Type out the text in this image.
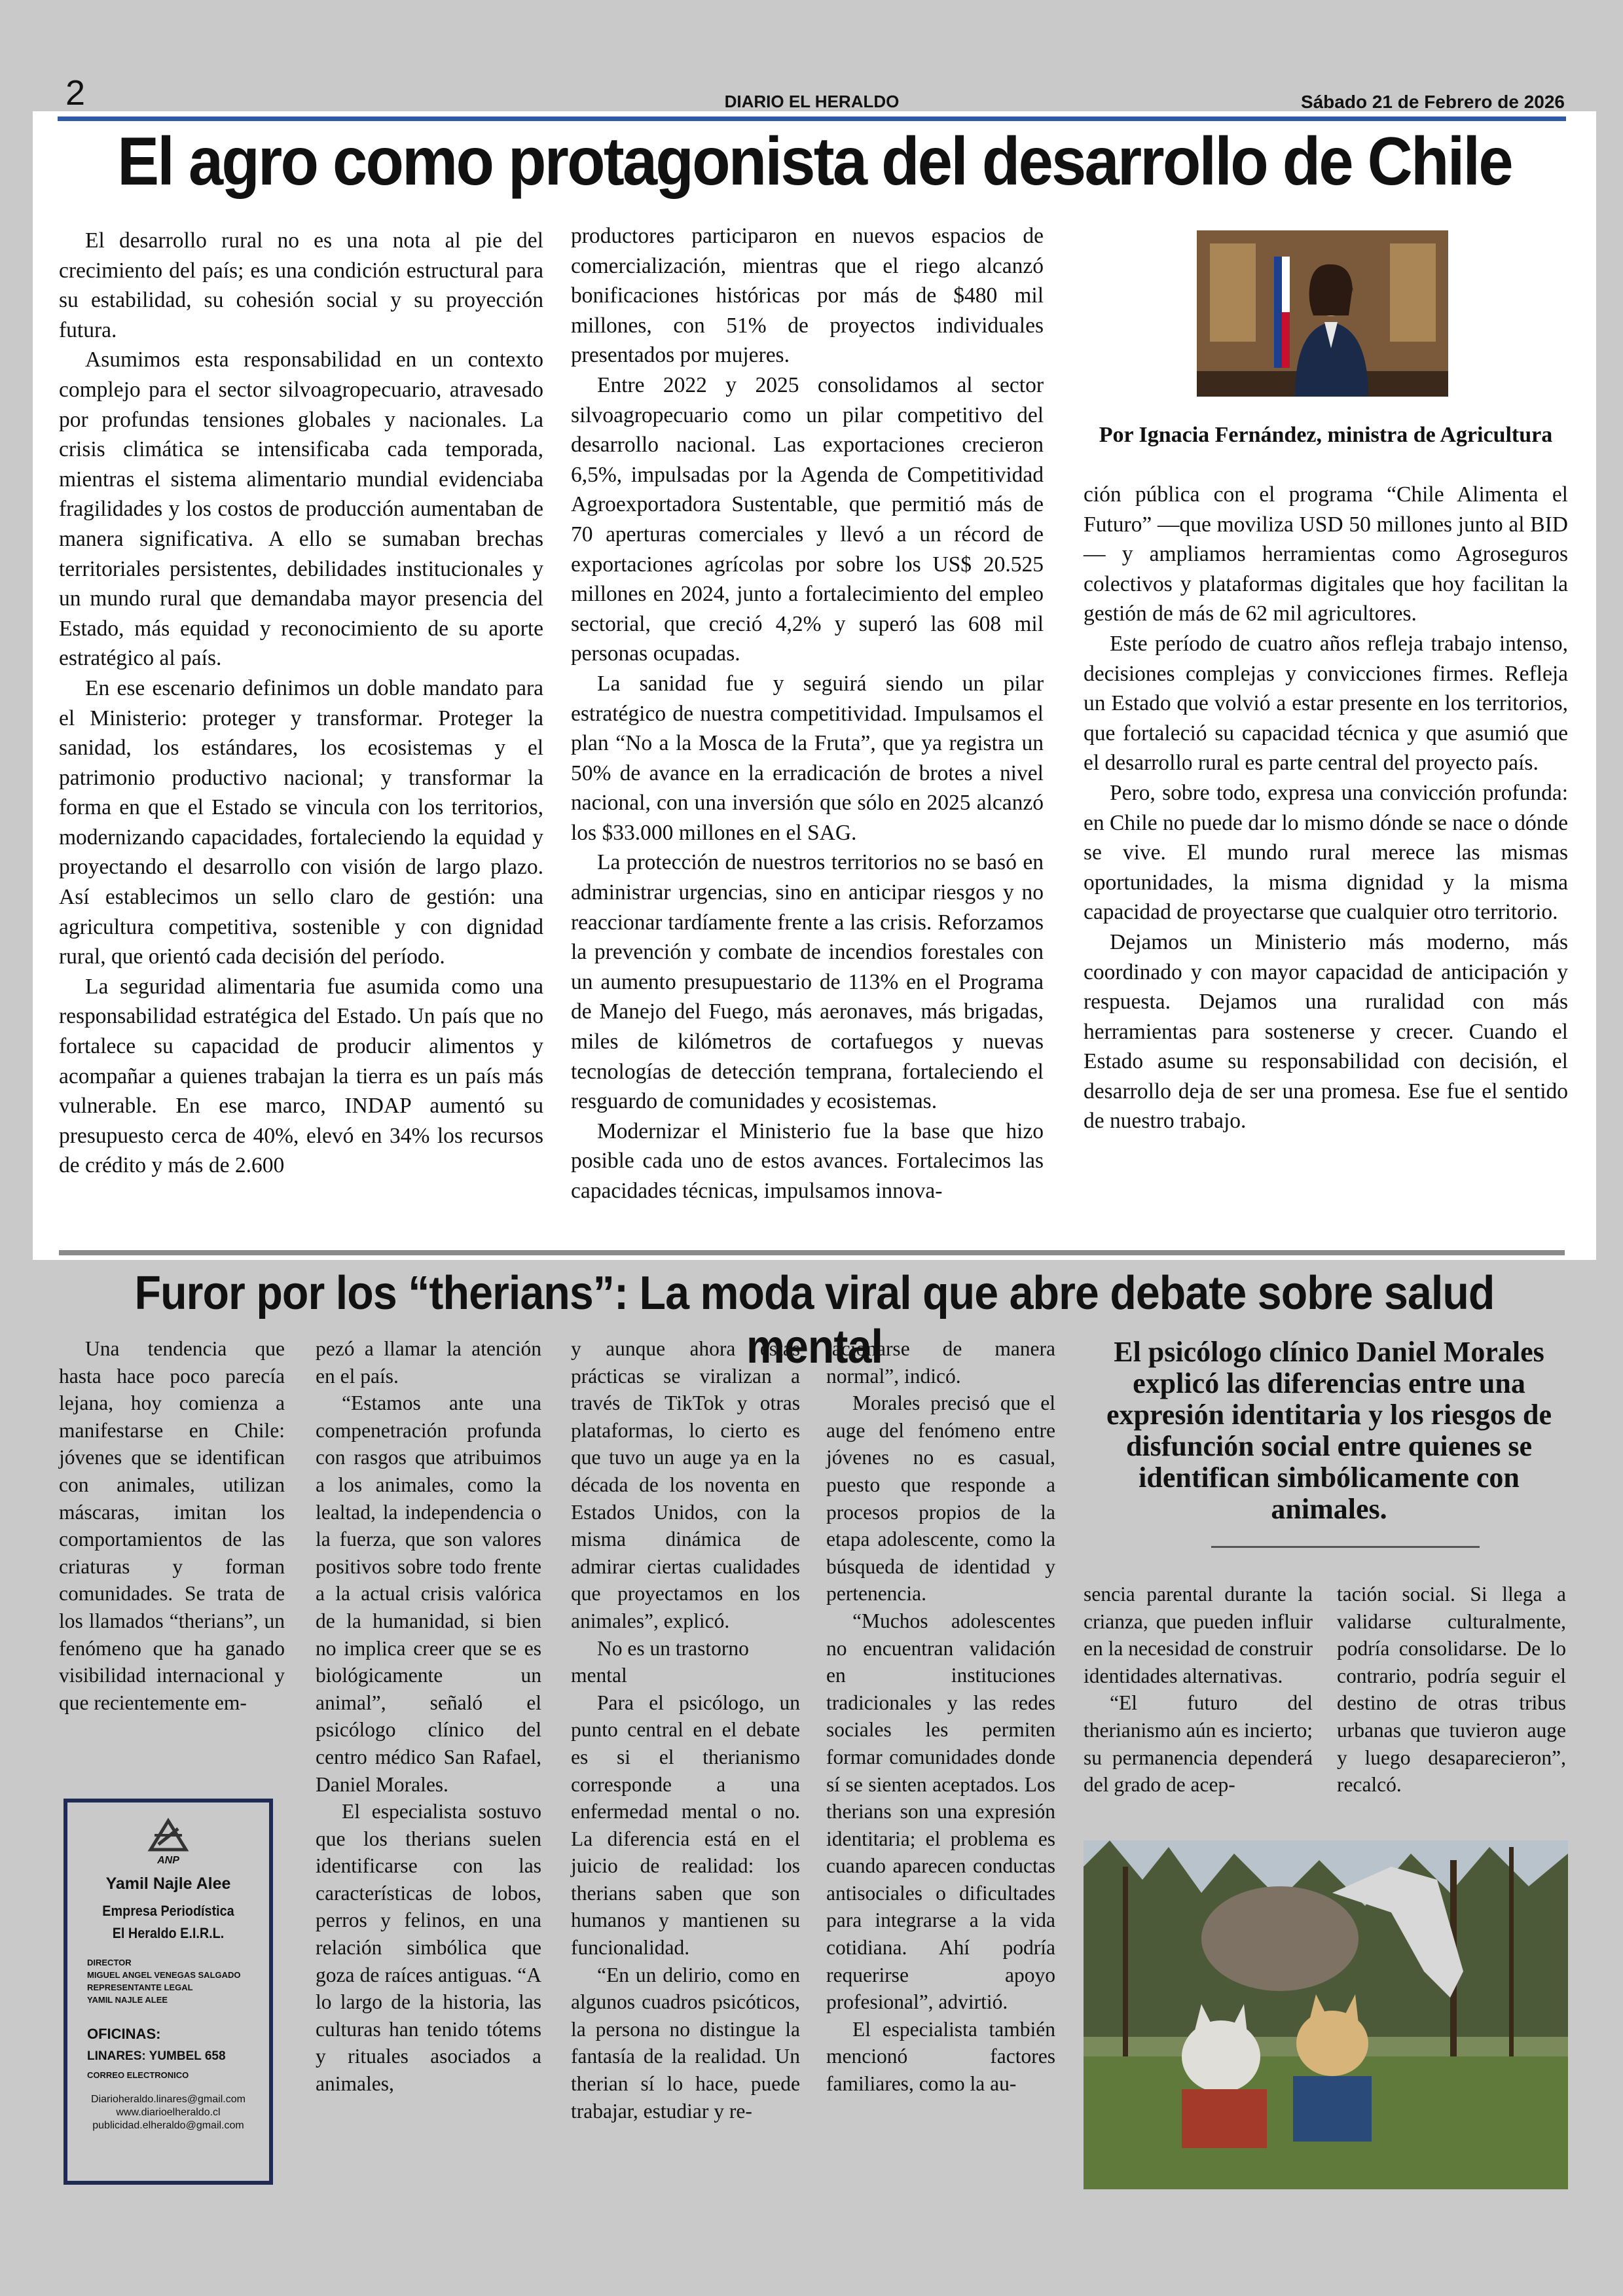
2	DIARIO EL HERALDO	Sábado 21 de Febrero de 2026
El agro como protagonista del desarrollo de Chile

El desarrollo rural no es una nota al pie del crecimiento del país; es una condición estructural para su estabilidad, su cohesión social y su proyección futura.

Asumimos esta responsabilidad en un contexto complejo para el sector silvoagropecuario, atravesado por profundas tensiones globales y nacionales. La crisis climática se intensificaba cada temporada, mientras el sistema alimentario mundial evidenciaba fragilidades y los costos de producción aumentaban de manera significativa. A ello se sumaban brechas territoriales persistentes, debilidades institucionales y un mundo rural que demandaba mayor presencia del Estado, más equidad y reconocimiento de su aporte estratégico al país.

En ese escenario definimos un doble mandato para el Ministerio: proteger y transformar. Proteger la sanidad, los estándares, los ecosistemas y el patrimonio productivo nacional; y transformar la forma en que el Estado se vincula con los territorios, modernizando capacidades, fortaleciendo la equidad y proyectando el desarrollo con visión de largo plazo. Así establecimos un sello claro de gestión: una agricultura competitiva, sostenible y con dignidad rural, que orientó cada decisión del período.

La seguridad alimentaria fue asumida como una responsabilidad estratégica del Estado. Un país que no fortalece su capacidad de producir alimentos y acompañar a quienes trabajan la tierra es un país más vulnerable. En ese marco, INDAP aumentó su presupuesto cerca de 40%, elevó en 34% los recursos de crédito y más de 2.600

productores participaron en nuevos espacios de comercialización, mientras que el riego alcanzó bonificaciones históricas por más de $480 mil millones, con 51% de proyectos individuales presentados por mujeres.

Entre 2022 y 2025 consolidamos al sector silvoagropecuario como un pilar competitivo del desarrollo nacional. Las exportaciones crecieron 6,5%, impulsadas por la Agenda de Competitividad Agroexportadora Sustentable, que permitió más de 70 aperturas comerciales y llevó a un récord de exportaciones agrícolas por sobre los US$ 20.525 millones en 2024, junto a fortalecimiento del empleo sectorial, que creció 4,2% y superó las 608 mil personas ocupadas.

La sanidad fue y seguirá siendo un pilar estratégico de nuestra competitividad. Impulsamos el plan “No a la Mosca de la Fruta”, que ya registra un 50% de avance en la erradicación de brotes a nivel nacional, con una inversión que sólo en 2025 alcanzó los $33.000 millones en el SAG.

La protección de nuestros territorios no se basó en administrar urgencias, sino en anticipar riesgos y no reaccionar tardíamente frente a las crisis. Reforzamos la prevención y combate de incendios forestales con un aumento presupuestario de 113% en el Programa de Manejo del Fuego, más aeronaves, más brigadas, miles de kilómetros de cortafuegos y nuevas tecnologías de detección temprana, fortaleciendo el resguardo de comunidades y ecosistemas.

Modernizar el Ministerio fue la base que hizo posible cada uno de estos avances. Fortalecimos las capacidades técnicas, impulsamos innova-

Por Ignacia Fernández, ministra de Agricultura

ción pública con el programa “Chile Alimenta el Futuro” —que moviliza USD 50 millones junto al BID— y ampliamos herramientas como Agroseguros colectivos y plataformas digitales que hoy facilitan la gestión de más de 62 mil agricultores.

Este período de cuatro años refleja trabajo intenso, decisiones complejas y convicciones firmes. Refleja un Estado que volvió a estar presente en los territorios, que fortaleció su capacidad técnica y que asumió que el desarrollo rural es parte central del proyecto país.

Pero, sobre todo, expresa una convicción profunda: en Chile no puede dar lo mismo dónde se nace o dónde se vive. El mundo rural merece las mismas oportunidades, la misma dignidad y la misma capacidad de proyectarse que cualquier otro territorio.

Dejamos un Ministerio más moderno, más coordinado y con mayor capacidad de anticipación y respuesta. Dejamos una ruralidad con más herramientas para sostenerse y crecer. Cuando el Estado asume su responsabilidad con decisión, el desarrollo deja de ser una promesa. Ese fue el sentido de nuestro trabajo.

Furor por los “therians”: La moda viral que abre debate sobre salud mental

Una tendencia que hasta hace poco parecía lejana, hoy comienza a manifestarse en Chile: jóvenes que se identifican con animales, utilizan máscaras, imitan los comportamientos de las criaturas y forman comunidades. Se trata de los llamados “therians”, un fenómeno que ha ganado visibilidad internacional y que recientemente em-

ANP
Yamil Najle Alee
Empresa Periodística
El Heraldo E.I.R.L.
DIRECTOR
MIGUEL ANGEL VENEGAS SALGADO
REPRESENTANTE LEGAL
YAMIL NAJLE ALEE
OFICINAS:
LINARES: YUMBEL 658
CORREO ELECTRONICO
Diarioheraldo.linares@gmail.com
www.diarioelheraldo.cl
publicidad.elheraldo@gmail.com

pezó a llamar la atención en el país.

“Estamos ante una compenetración profunda con rasgos que atribuimos a los animales, como la lealtad, la independencia o la fuerza, que son valores positivos sobre todo frente a la actual crisis valórica de la humanidad, si bien no implica creer que se es biológicamente un animal”, señaló el psicólogo clínico del centro médico San Rafael, Daniel Morales.

El especialista sostuvo que los therians suelen identificarse con las características de lobos, perros y felinos, en una relación simbólica que goza de raíces antiguas. “A lo largo de la historia, las culturas han tenido tótems y rituales asociados a animales,

y aunque ahora estas prácticas se viralizan a través de TikTok y otras plataformas, lo cierto es que tuvo un auge ya en la década de los noventa en Estados Unidos, con la misma dinámica de admirar ciertas cualidades que proyectamos en los animales”, explicó.

No es un trastorno mental

Para el psicólogo, un punto central en el debate es si el therianismo corresponde a una enfermedad mental o no. La diferencia está en el juicio de realidad: los therians saben que son humanos y mantienen su funcionalidad.

“En un delirio, como en algunos cuadros psicóticos, la persona no distingue la fantasía de la realidad. Un therian sí lo hace, puede trabajar, estudiar y re-

lacionarse de manera normal”, indicó.

Morales precisó que el auge del fenómeno entre jóvenes no es casual, puesto que responde a procesos propios de la etapa adolescente, como la búsqueda de identidad y pertenencia.

“Muchos adolescentes no encuentran validación en instituciones tradicionales y las redes sociales les permiten formar comunidades donde sí se sienten aceptados. Los therians son una expresión identitaria; el problema es cuando aparecen conductas antisociales o dificultades para integrarse a la vida cotidiana. Ahí podría requerirse apoyo profesional”, advirtió.

El especialista también mencionó factores familiares, como la au-

El psicólogo clínico Daniel Morales explicó las diferencias entre una expresión identitaria y los riesgos de disfunción social entre quienes se identifican simbólicamente con animales.

sencia parental durante la crianza, que pueden influir en la necesidad de construir identidades alternativas.

“El futuro del therianismo aún es incierto; su permanencia dependerá del grado de acep-

tación social. Si llega a validarse culturalmente, podría consolidarse. De lo contrario, podría seguir el destino de otras tribus urbanas que tuvieron auge y luego desaparecieron”, recalcó.
